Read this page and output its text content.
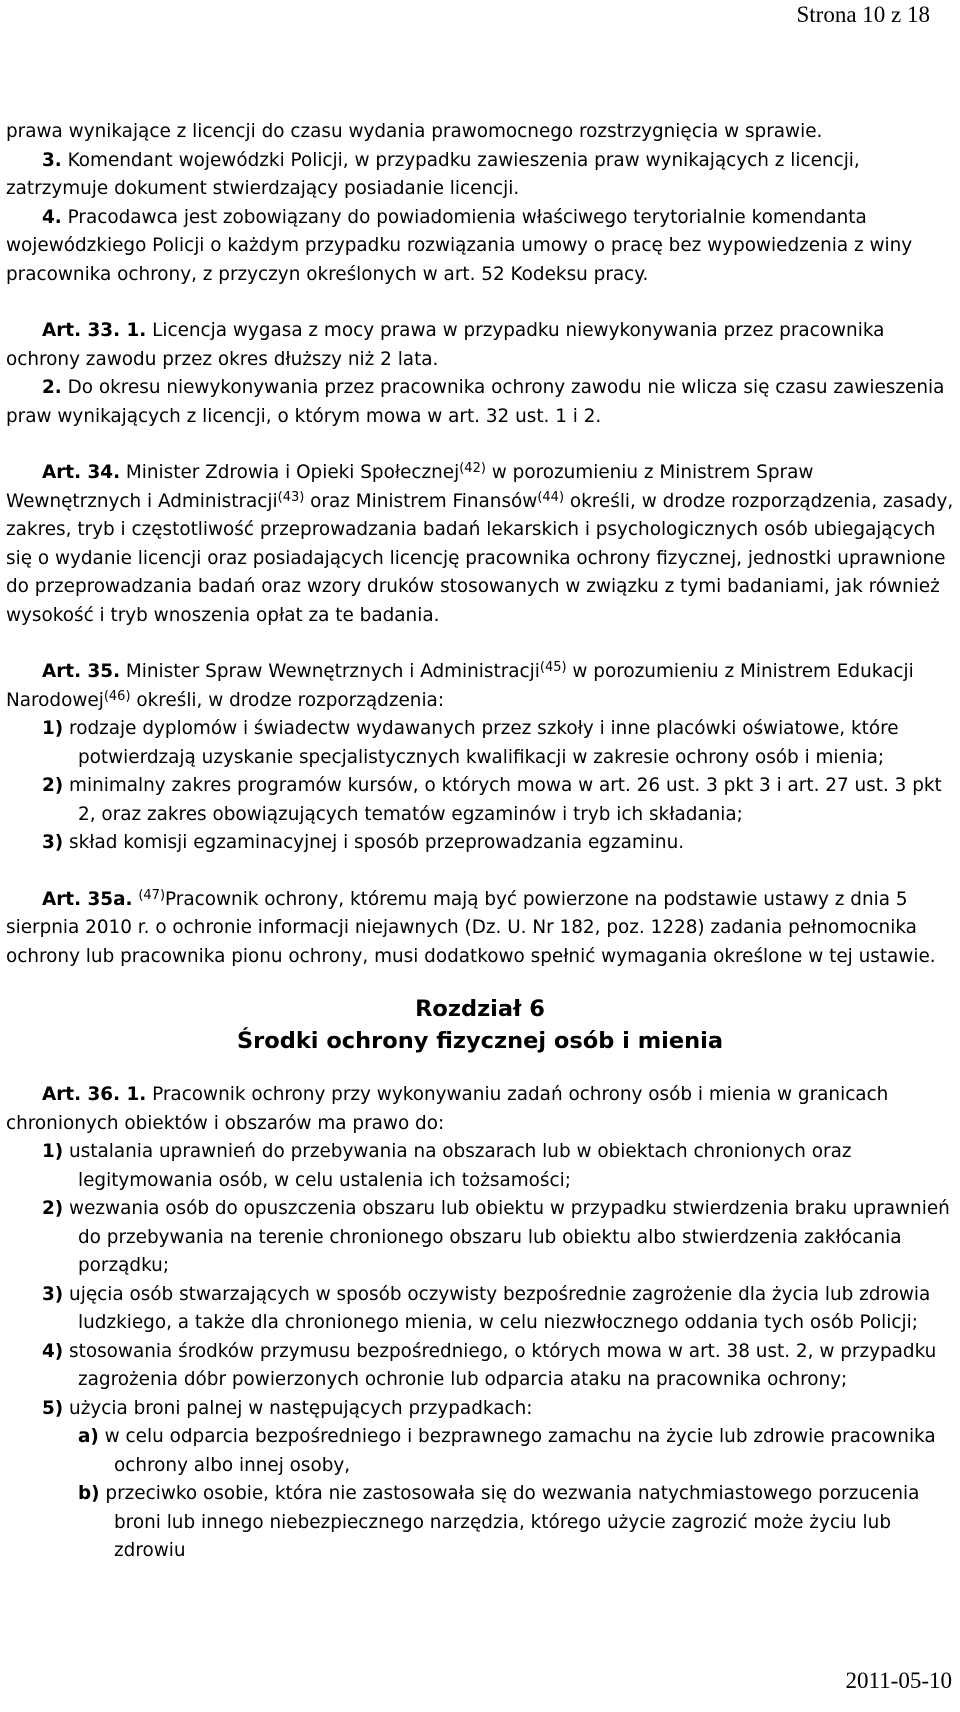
Strona 10 z 18

prawa wynikające z licencji do czasu wydania prawomocnego rozstrzygnięcia w sprawie.

3. Komendant wojewódzki Policji, w przypadku zawieszenia praw wynikających z licencji, zatrzymuje dokument stwierdzający posiadanie licencji.

4. Pracodawca jest zobowiązany do powiadomienia właściwego terytorialnie komendanta wojewódzkiego Policji o każdym przypadku rozwiązania umowy o pracę bez wypowiedzenia z winy pracownika ochrony, z przyczyn określonych w art. 52 Kodeksu pracy.

Art. 33. 1. Licencja wygasa z mocy prawa w przypadku niewykonywania przez pracownika ochrony zawodu przez okres dłuższy niż 2 lata.

2. Do okresu niewykonywania przez pracownika ochrony zawodu nie wlicza się czasu zawieszenia praw wynikających z licencji, o którym mowa w art. 32 ust. 1 i 2.

Art. 34. Minister Zdrowia i Opieki Społecznej$^{(42)}$ w porozumieniu z Ministrem Spraw Wewnętrznych i Administracji$^{(43)}$ oraz Ministrem Finansów$^{(44)}$ określi, w drodze rozporządzenia, zasady, zakres, tryb i częstotliwość przeprowadzania badań lekarskich i psychologicznych osób ubiegających się o wydanie licencji oraz posiadających licencję pracownika ochrony fizycznej, jednostki uprawnione do przeprowadzania badań oraz wzory druków stosowanych w związku z tymi badaniami, jak również wysokość i tryb wnoszenia opłat za te badania.

Art. 35. Minister Spraw Wewnętrznych i Administracji$^{(45)}$ w porozumieniu z Ministrem Edukacji Narodowej$^{(46)}$ określi, w drodze rozporządzenia:

1) rodzaje dyplomów i świadectw wydawanych przez szkoły i inne placówki oświatowe, które potwierdzają uzyskanie specjalistycznych kwalifikacji w zakresie ochrony osób i mienia;

2) minimalny zakres programów kursów, o których mowa w art. 26 ust. 3 pkt 3 i art. 27 ust. 3 pkt 2, oraz zakres obowiązujących tematów egzaminów i tryb ich składania;

3) skład komisji egzaminacyjnej i sposób przeprowadzania egzaminu.

Art. 35a. $^{(47)}$Pracownik ochrony, któremu mają być powierzone na podstawie ustawy z dnia 5 sierpnia 2010 r. o ochronie informacji niejawnych (Dz. U. Nr 182, poz. 1228) zadania pełnomocnika ochrony lub pracownika pionu ochrony, musi dodatkowo spełnić wymagania określone w tej ustawie.

Rozdział 6
Środki ochrony fizycznej osób i mienia

Art. 36. 1. Pracownik ochrony przy wykonywaniu zadań ochrony osób i mienia w granicach chronionych obiektów i obszarów ma prawo do:

1) ustalania uprawnień do przebywania na obszarach lub w obiektach chronionych oraz legitymowania osób, w celu ustalenia ich tożsamości;

2) wezwania osób do opuszczenia obszaru lub obiektu w przypadku stwierdzenia braku uprawnień do przebywania na terenie chronionego obszaru lub obiektu albo stwierdzenia zakłócania porządku;

3) ujęcia osób stwarzających w sposób oczywisty bezpośrednie zagrożenie dla życia lub zdrowia ludzkiego, a także dla chronionego mienia, w celu niezwłocznego oddania tych osób Policji;

4) stosowania środków przymusu bezpośredniego, o których mowa w art. 38 ust. 2, w przypadku zagrożenia dóbr powierzonych ochronie lub odparcia ataku na pracownika ochrony;

5) użycia broni palnej w następujących przypadkach:

a) w celu odparcia bezpośredniego i bezprawnego zamachu na życie lub zdrowie pracownika ochrony albo innej osoby,

b) przeciwko osobie, która nie zastosowała się do wezwania natychmiastowego porzucenia broni lub innego niebezpiecznego narzędzia, którego użycie zagrozić może życiu lub zdrowiu

2011-05-10
